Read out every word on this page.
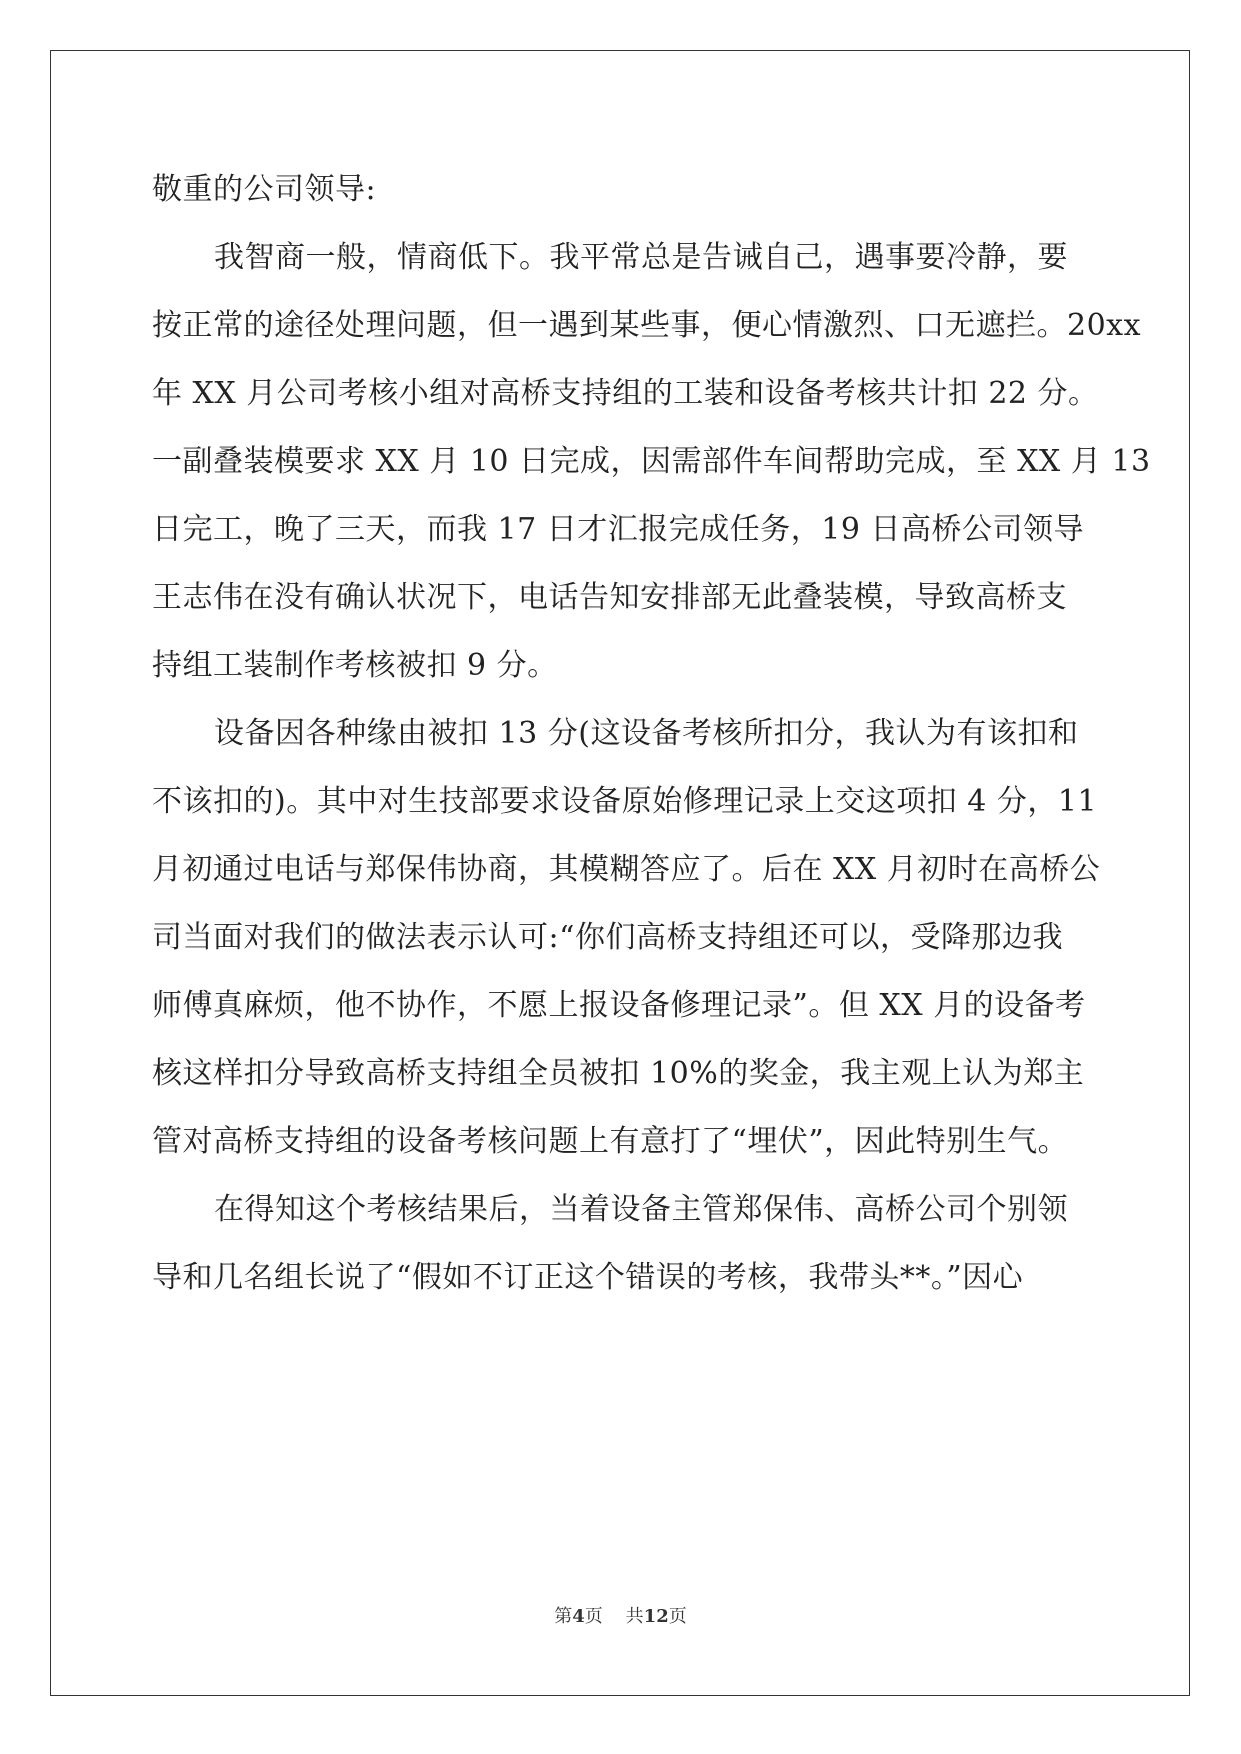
敬重的公司领导:
我智商一般，情商低下。我平常总是告诫自己，遇事要冷静，要
按正常的途径处理问题，但一遇到某些事，便心情激烈、口无遮拦。20xx
年 XX 月公司考核小组对高桥支持组的工装和设备考核共计扣 22 分。
一副叠装模要求 XX 月 10 日完成，因需部件车间帮助完成，至 XX 月 13
日完工，晚了三天，而我 17 日才汇报完成任务，19 日高桥公司领导
王志伟在没有确认状况下，电话告知安排部无此叠装模，导致高桥支
持组工装制作考核被扣 9 分。
设备因各种缘由被扣 13 分(这设备考核所扣分，我认为有该扣和
不该扣的)。其中对生技部要求设备原始修理记录上交这项扣 4 分，11
月初通过电话与郑保伟协商，其模糊答应了。后在 XX 月初时在高桥公
司当面对我们的做法表示认可:“你们高桥支持组还可以，受降那边我
师傅真麻烦，他不协作，不愿上报设备修理记录”。但 XX 月的设备考
核这样扣分导致高桥支持组全员被扣 10%的奖金，我主观上认为郑主
管对高桥支持组的设备考核问题上有意打了“埋伏”，因此特别生气。
在得知这个考核结果后，当着设备主管郑保伟、高桥公司个别领
导和几名组长说了“假如不订正这个错误的考核，我带头**。”因心
第4页 共12页
